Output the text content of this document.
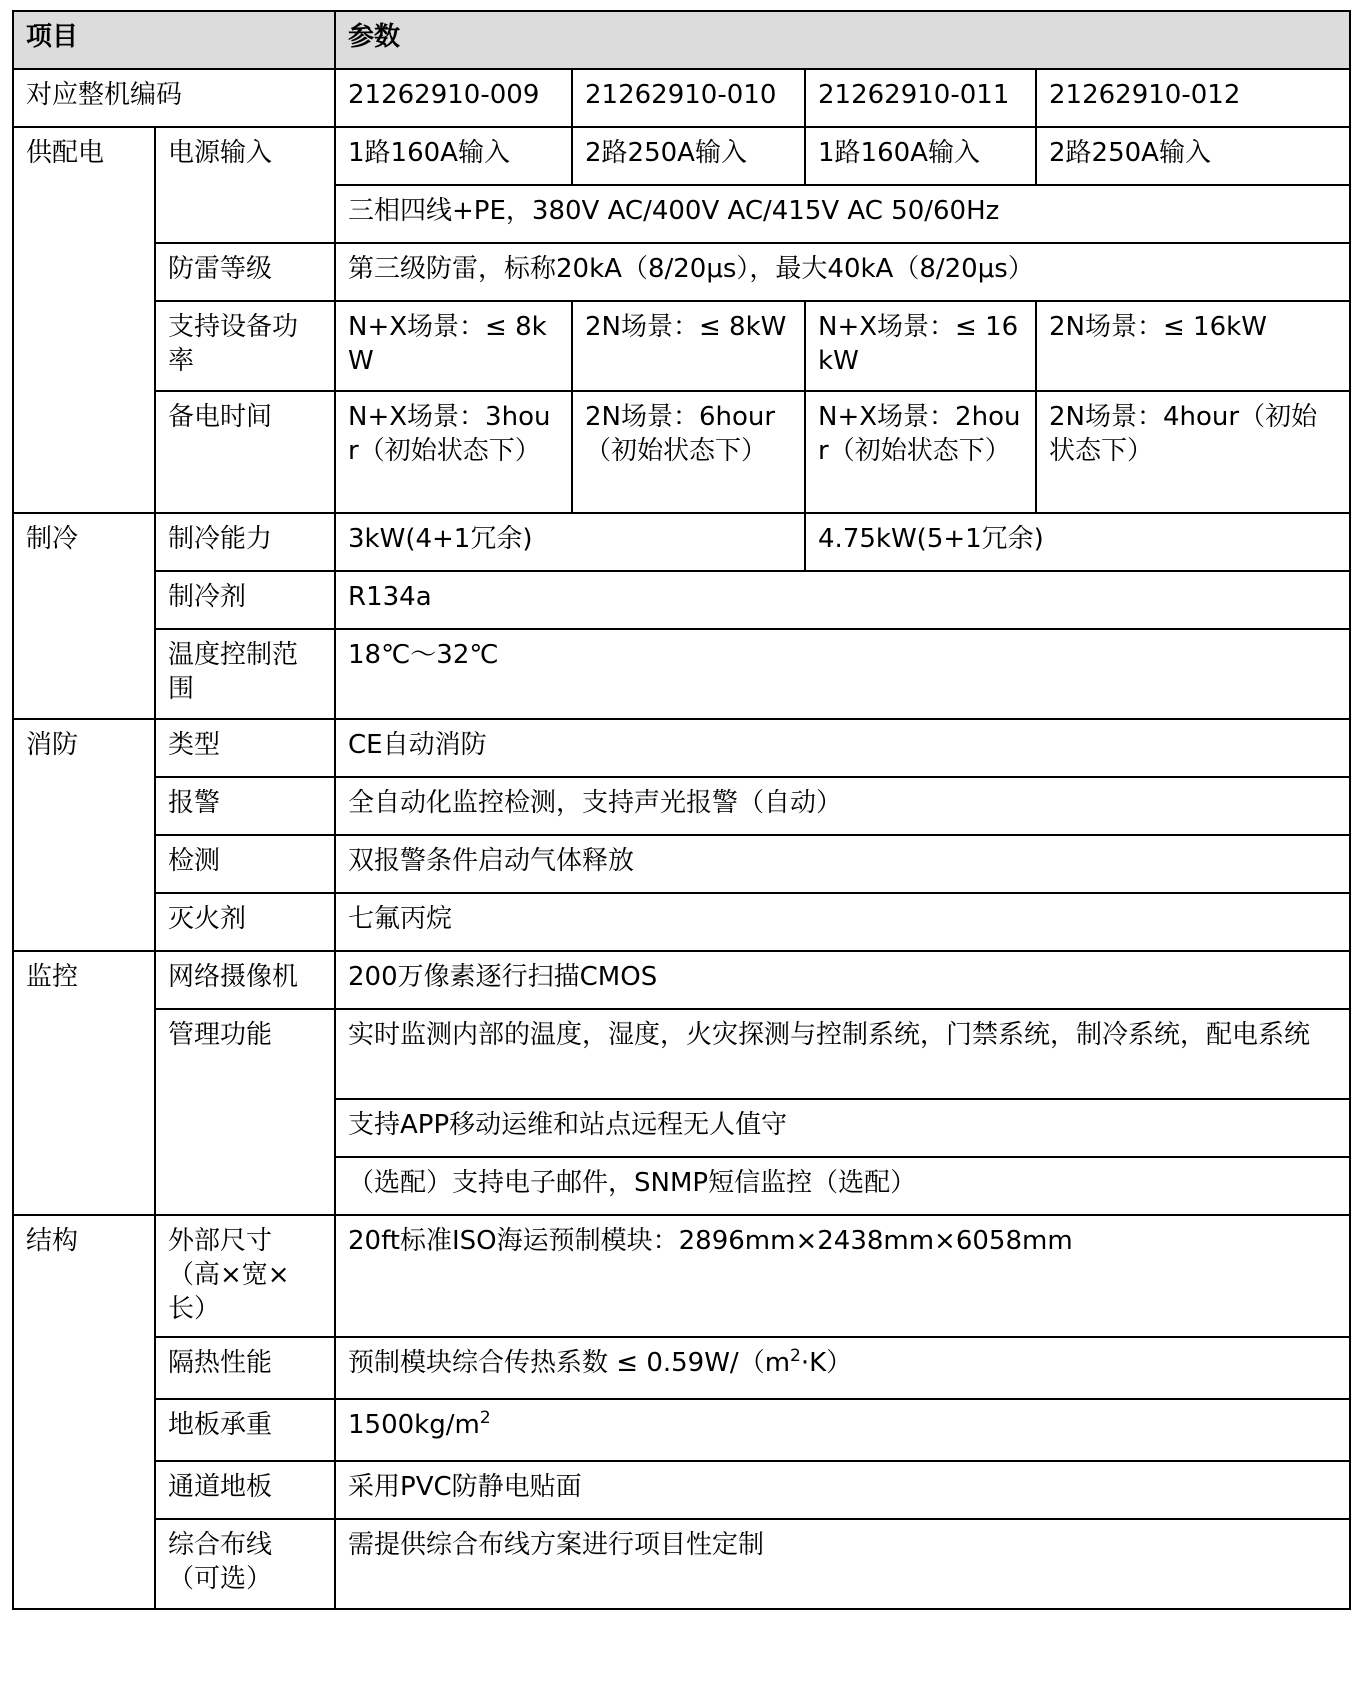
项目		参数			
对应整机编码		21262910-009	21262910-010	21262910-011	21262910-012
供配电	电源输入	1路160A输入	2路250A输入	1路160A输入	2路250A输入
		三相四线+PE，380V AC/400V AC/415V AC 50/60Hz			
	防雷等级	第三级防雷，标称20kA（8/20μs），最大40kA（8/20μs）			
	支持设备功率	N+X场景：≤ 8kW	2N场景：≤ 8kW	N+X场景：≤ 16kW	2N场景：≤ 16kW
	备电时间	N+X场景：3hour（初始状态下）	2N场景：6hour（初始状态下）	N+X场景：2hour（初始状态下）	2N场景：4hour（初始状态下）
制冷	制冷能力	3kW(4+1冗余)		4.75kW(5+1冗余)	
	制冷剂	R134a			
	温度控制范围	18℃～32℃			
消防	类型	CE自动消防			
	报警	全自动化监控检测，支持声光报警（自动）			
	检测	双报警条件启动气体释放			
	灭火剂	七氟丙烷			
监控	网络摄像机	200万像素逐行扫描CMOS			
	管理功能	实时监测内部的温度，湿度，火灾探测与控制系统，门禁系统，制冷系统，配电系统			
		支持APP移动运维和站点远程无人值守			
		（选配）支持电子邮件，SNMP短信监控（选配）			
结构	外部尺寸（高×宽×长）	20ft标准ISO海运预制模块：2896mm×2438mm×6058mm			
	隔热性能	预制模块综合传热系数 ≤ $0.59W/(m^2\cdot K)$			
	地板承重	$1500kg/m^2$
	通道地板	采用PVC防静电贴面			
	综合布线（可选）	需提供综合布线方案进行项目性定制			
